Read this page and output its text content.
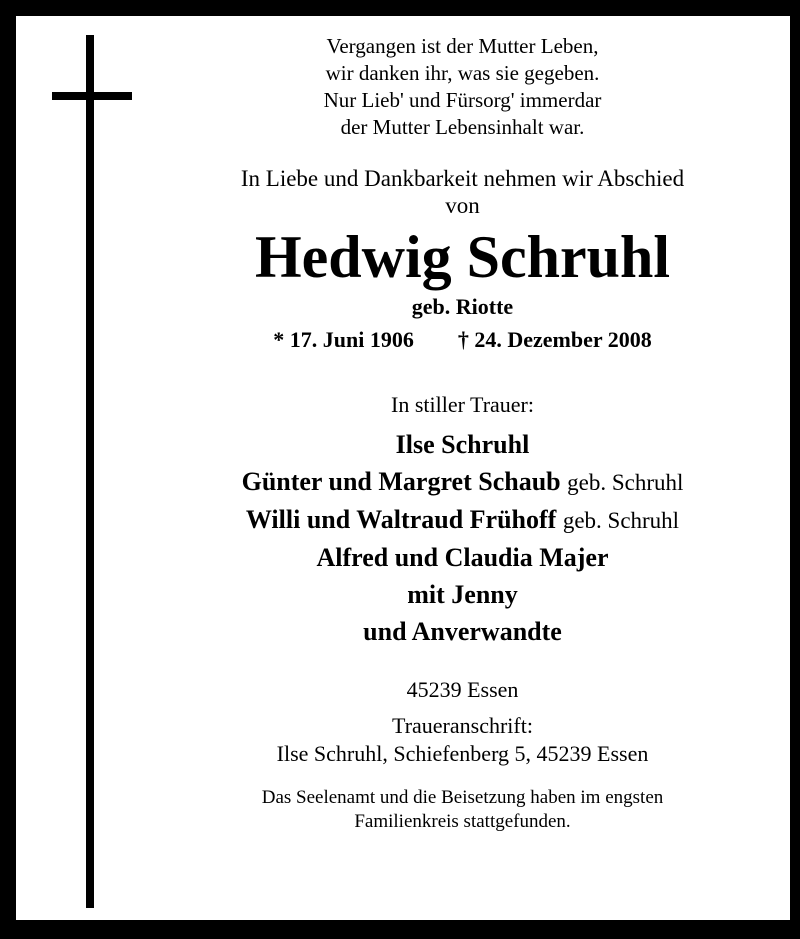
Vergangen ist der Mutter Leben,
wir danken ihr, was sie gegeben.
Nur Lieb' und Fürsorg' immerdar
der Mutter Lebensinhalt war.
In Liebe und Dankbarkeit nehmen wir Abschied
von
Hedwig Schruhl
geb. Riotte
* 17. Juni 1906 † 24. Dezember 2008
In stiller Trauer:
Ilse Schruhl
Günter und Margret Schaub geb. Schruhl
Willi und Waltraud Frühoff geb. Schruhl
Alfred und Claudia Majer
mit Jenny
und Anverwandte
45239 Essen
Traueranschrift:
Ilse Schruhl, Schiefenberg 5, 45239 Essen
Das Seelenamt und die Beisetzung haben im engsten
Familienkreis stattgefunden.
